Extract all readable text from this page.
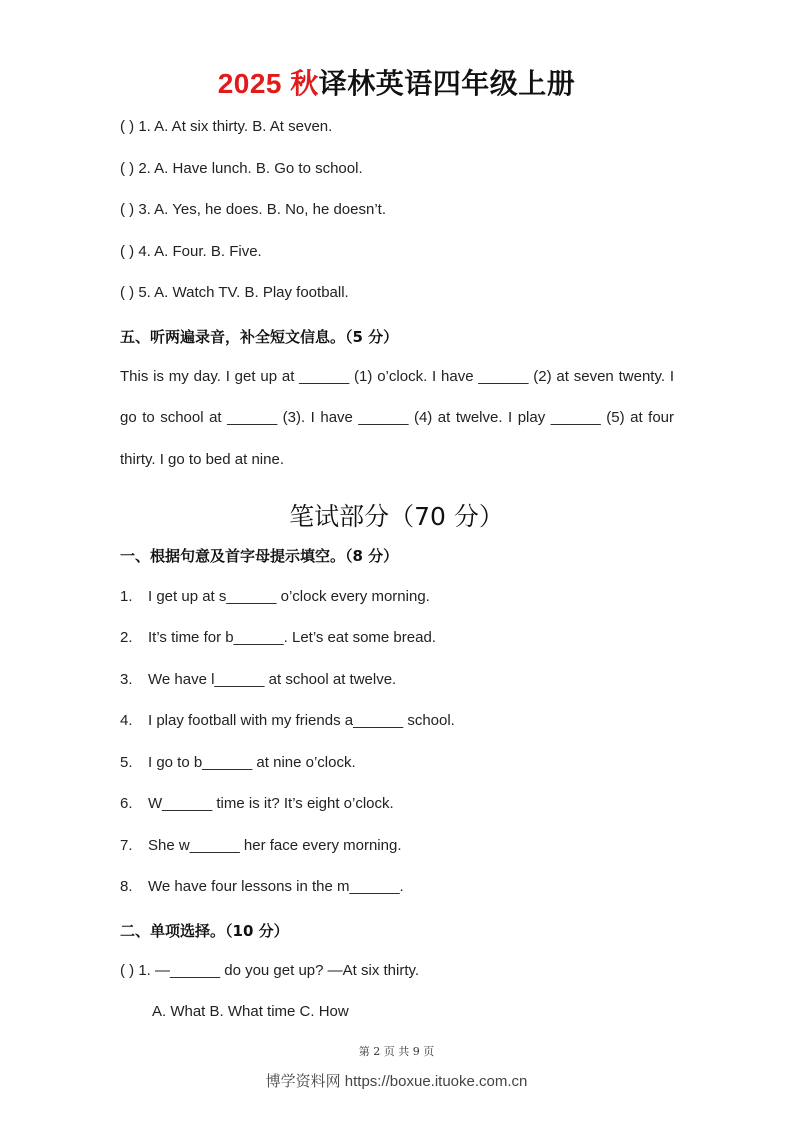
2025 秋译林英语四年级上册
( ) 1. A. At six thirty. B. At seven.
( ) 2. A. Have lunch. B. Go to school.
( ) 3. A. Yes, he does. B. No, he doesn’t.
( ) 4. A. Four. B. Five.
( ) 5. A. Watch TV. B. Play football.
五、听两遍录音，补全短文信息。（5 分）
This is my day. I get up at ______ (1) o’clock. I have ______ (2) at seven twenty. I
go to school at ______ (3). I have ______ (4) at twelve. I play ______ (5) at four
thirty. I go to bed at nine.
笔试部分（70 分）
一、根据句意及首字母提示填空。（8 分）
1. I get up at s______ o’clock every morning.
2. It’s time for b______. Let’s eat some bread.
3. We have l______ at school at twelve.
4. I play football with my friends a______ school.
5. I go to b______ at nine o’clock.
6. W______ time is it? It’s eight o’clock.
7. She w______ her face every morning.
8. We have four lessons in the m______.
二、单项选择。（10 分）
( ) 1. —______ do you get up? —At six thirty.
A. What B. What time C. How
第 2 页 共 9 页
博学资料网 https://boxue.ituoke.com.cn
